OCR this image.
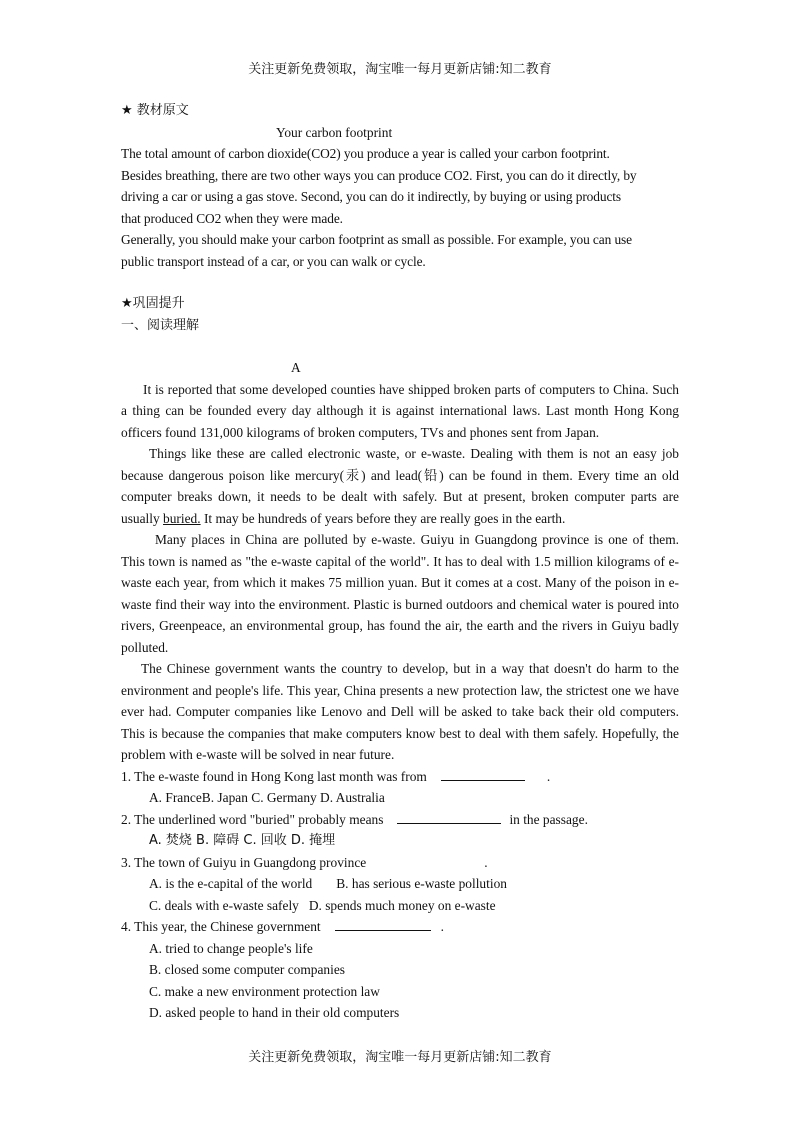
关注更新免费领取，淘宝唯一每月更新店铺:知二教育

★ 教材原文

Your carbon footprint

The total amount of carbon dioxide(CO2) you produce a year is called your carbon footprint.

Besides breathing, there are two other ways you can produce CO2. First, you can do it directly, by

driving a car or using a gas stove. Second, you can do it indirectly, by buying or using products

that produced CO2 when they were made.

Generally, you should make your carbon footprint as small as possible. For example, you can use

public transport instead of a car, or you can walk or cycle.

★巩固提升

一、阅读理解

A

It is reported that some developed counties have shipped broken parts of computers to China. Such a thing can be founded every day although it is against international laws. Last month Hong Kong officers found 131,000 kilograms of broken computers, TVs and phones sent from Japan.

Things like these are called electronic waste, or e-waste. Dealing with them is not an easy job because dangerous poison like mercury(汞) and lead(铅) can be found in them. Every time an old computer breaks down, it needs to be dealt with safely. But at present, broken computer parts are usually buried. It may be hundreds of years before they are really goes in the earth.

Many places in China are polluted by e-waste. Guiyu in Guangdong province is one of them. This town is named as "the e-waste capital of the world". It has to deal with 1.5 million kilograms of e-waste each year, from which it makes 75 million yuan. But it comes at a cost. Many of the poison in e-waste find their way into the environment. Plastic is burned outdoors and chemical water is poured into rivers, Greenpeace, an environmental group, has found the air, the earth and the rivers in Guiyu badly polluted.

The Chinese government wants the country to develop, but in a way that doesn't do harm to the environment and people's life. This year, China presents a new protection law, the strictest one we have ever had. Computer companies like Lenovo and Dell will be asked to take back their old computers. This is because the companies that make computers know best to deal with them safely. Hopefully, the problem with e-waste will be solved in near future.

1. The e-waste found in Hong Kong last month was from	.

A. FranceB. Japan C. Germany D. Australia

2. The underlined word "buried" probably means	in the passage.

A. 焚烧 B. 障碍 C. 回收 D. 掩埋

3. The town of Guiyu in Guangdong province	.

A. is the e-capital of the world B. has serious e-waste pollution

C. deals with e-waste safely D. spends much money on e-waste

4. This year, the Chinese government	.

A. tried to change people's life

B. closed some computer companies

C. make a new environment protection law

D. asked people to hand in their old computers

关注更新免费领取，淘宝唯一每月更新店铺:知二教育
